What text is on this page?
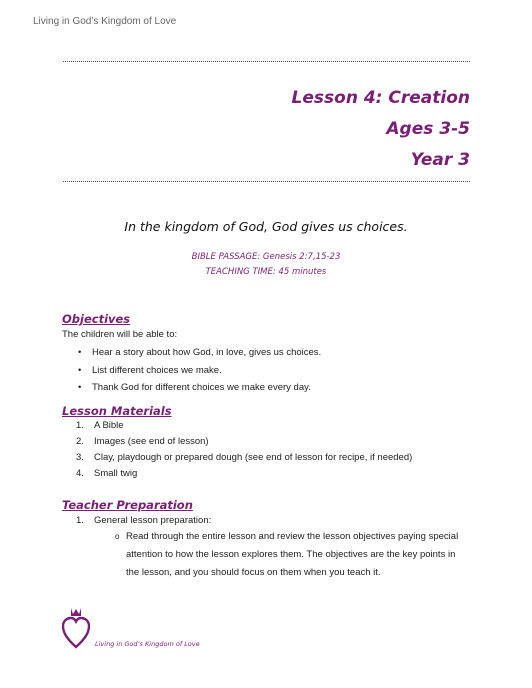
Living in God’s Kingdom of Love
Lesson 4: Creation
Ages 3-5
Year 3
In the kingdom of God, God gives us choices.
BIBLE PASSAGE: Genesis 2:7,15-23
TEACHING TIME: 45 minutes
Objectives
The children will be able to:
• Hear a story about how God, in love, gives us choices.
• List different choices we make.
• Thank God for different choices we make every day.
Lesson Materials
1. A Bible
2. Images (see end of lesson)
3. Clay, playdough or prepared dough (see end of lesson for recipe, if needed)
4. Small twig
Teacher Preparation
1. General lesson preparation:
o Read through the entire lesson and review the lesson objectives paying special attention to how the lesson explores them. The objectives are the key points in the lesson, and you should focus on them when you teach it.
Living in God’s Kingdom of Love
